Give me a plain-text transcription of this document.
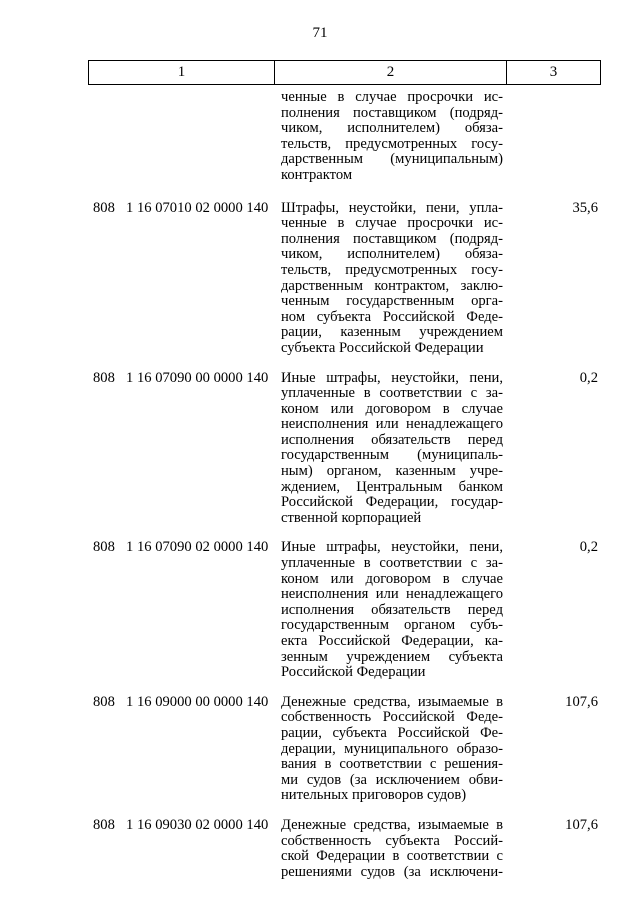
71
1	2	3
ченные в случае просрочки ис-
полнения поставщиком (подряд-
чиком, исполнителем) обяза-
тельств, предусмотренных госу-
дарственным (муниципальным)
контрактом
808 1 16 07010 02 0000 140 Штрафы, неустойки, пени, упла-
ченные в случае просрочки ис-
полнения поставщиком (подряд-
чиком, исполнителем) обяза-
тельств, предусмотренных госу-
дарственным контрактом, заклю-
ченным государственным орга-
ном субъекта Российской Феде-
рации, казенным учреждением
субъекта Российской Федерации
35,6
808 1 16 07090 00 0000 140 Иные штрафы, неустойки, пени,
уплаченные в соответствии с за-
коном или договором в случае
неисполнения или ненадлежащего
исполнения обязательств перед
государственным (муниципаль-
ным) органом, казенным учре-
ждением, Центральным банком
Российской Федерации, государ-
ственной корпорацией
0,2
808 1 16 07090 02 0000 140 Иные штрафы, неустойки, пени,
уплаченные в соответствии с за-
коном или договором в случае
неисполнения или ненадлежащего
исполнения обязательств перед
государственным органом субъ-
екта Российской Федерации, ка-
зенным учреждением субъекта
Российской Федерации
0,2
808 1 16 09000 00 0000 140 Денежные средства, изымаемые в
собственность Российской Феде-
рации, субъекта Российской Фе-
дерации, муниципального образо-
вания в соответствии с решения-
ми судов (за исключением обви-
нительных приговоров судов)
107,6
808 1 16 09030 02 0000 140 Денежные средства, изымаемые в
собственность субъекта Россий-
ской Федерации в соответствии с
решениями судов (за исключени-
107,6
